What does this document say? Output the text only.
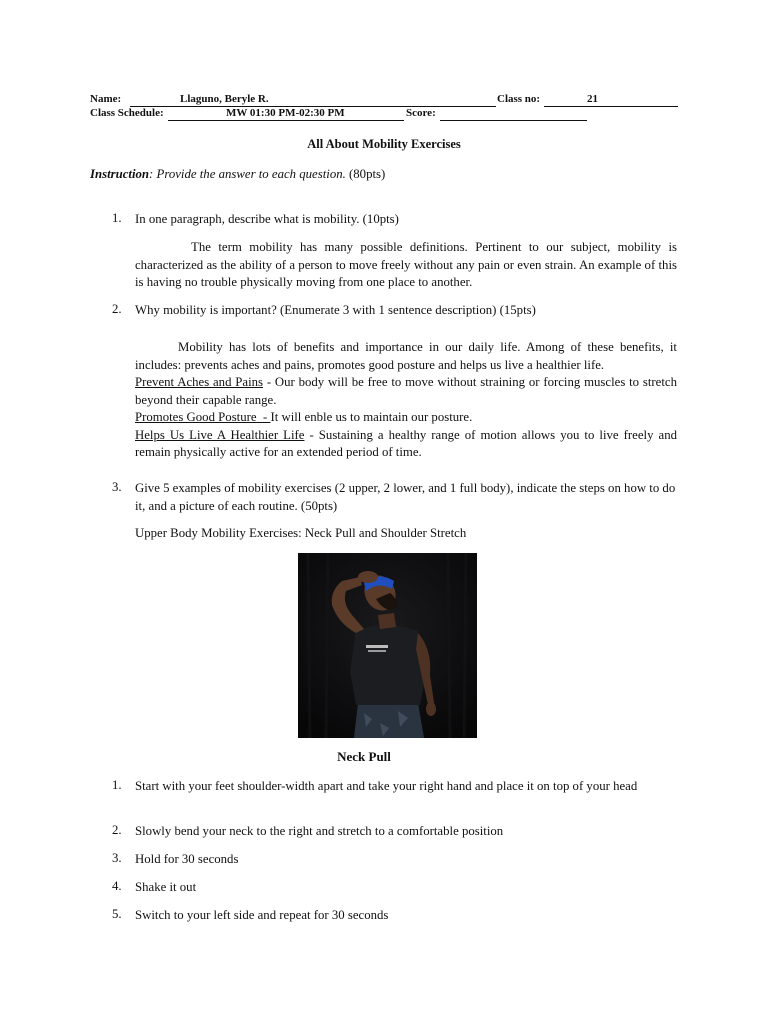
Name:	Llaguno, Beryle R.	Class no:	21
Class Schedule:	MW 01:30 PM-02:30 PM	Score:
All About Mobility Exercises
Instruction: Provide the answer to each question. (80pts)
1. In one paragraph, describe what is mobility. (10pts)
The term mobility has many possible definitions. Pertinent to our subject, mobility is characterized as the ability of a person to move freely without any pain or even strain. An example of this is having no trouble physically moving from one place to another.
2. Why mobility is important? (Enumerate 3 with 1 sentence description) (15pts)
Mobility has lots of benefits and importance in our daily life. Among of these benefits, it includes: prevents aches and pains, promotes good posture and helps us live a healthier life.
Prevent Aches and Pains - Our body will be free to move without straining or forcing muscles to stretch beyond their capable range.
Promotes Good Posture  - It will enble us to maintain our posture.
Helps Us Live A Healthier Life - Sustaining a healthy range of motion allows you to live freely and remain physically active for an extended period of time.
3. Give 5 examples of mobility exercises (2 upper, 2 lower, and 1 full body), indicate the steps on how to do it, and a picture of each routine. (50pts)
Upper Body Mobility Exercises: Neck Pull and Shoulder Stretch
Neck Pull
1. Start with your feet shoulder-width apart and take your right hand and place it on top of your head
2. Slowly bend your neck to the right and stretch to a comfortable position
3. Hold for 30 seconds
4. Shake it out
5. Switch to your left side and repeat for 30 seconds
